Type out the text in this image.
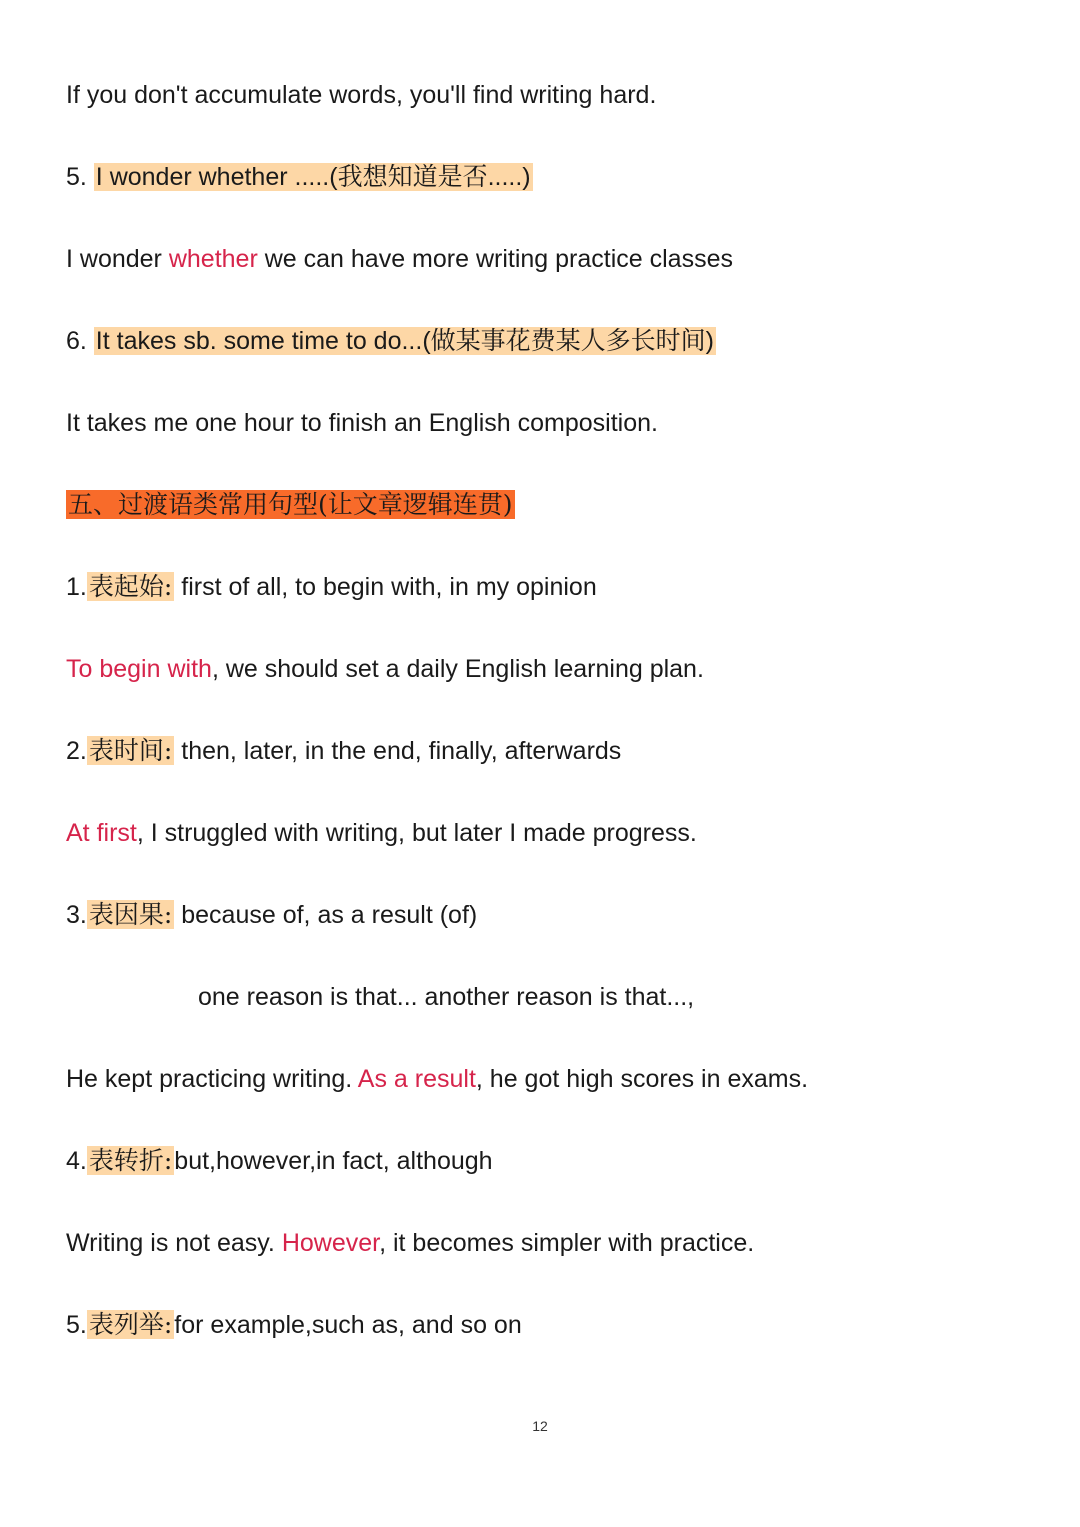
If you don't accumulate words, you'll find writing hard.
5. I wonder whether .....(我想知道是否.....)
I wonder whether we can have more writing practice classes
6. It takes sb. some time to do...(做某事花费某人多长时间)
It takes me one hour to finish an English composition.
五、过渡语类常用句型(让文章逻辑连贯)
1.表起始: first of all, to begin with, in my opinion
To begin with, we should set a daily English learning plan.
2.表时间: then, later, in the end, finally, afterwards
At first, I struggled with writing, but later I made progress.
3.表因果: because of, as a result (of)
one reason is that... another reason is that...,
He kept practicing writing. As a result, he got high scores in exams.
4.表转折:but,however,in fact, although
Writing is not easy. However, it becomes simpler with practice.
5.表列举:for example,such as, and so on
12
